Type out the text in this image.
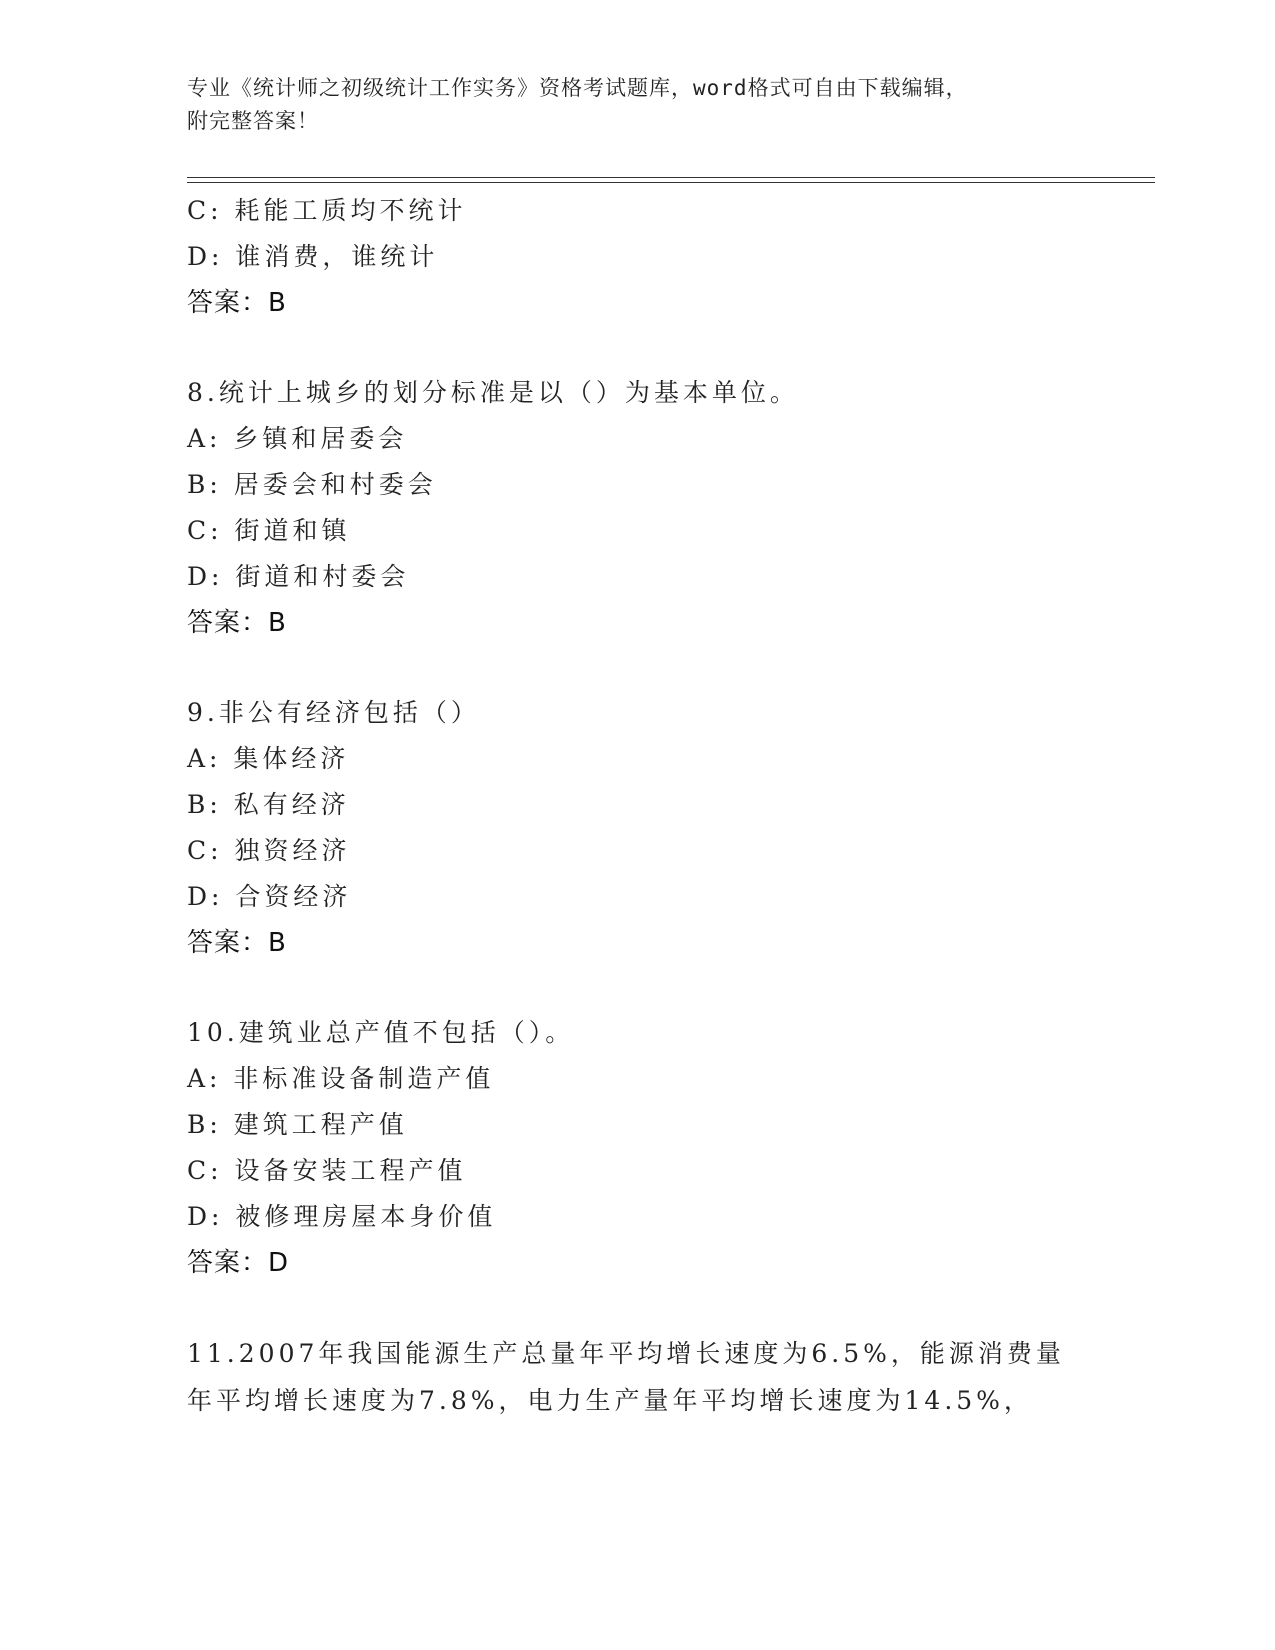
专业《统计师之初级统计工作实务》资格考试题库，word格式可自由下载编辑，
附完整答案！
C: 耗能工质均不统计
D: 谁消费，谁统计
答案：B
8.统计上城乡的划分标准是以（）为基本单位。
A: 乡镇和居委会
B: 居委会和村委会
C: 街道和镇
D: 街道和村委会
答案：B
9.非公有经济包括（）
A: 集体经济
B: 私有经济
C: 独资经济
D: 合资经济
答案：B
10.建筑业总产值不包括（）。
A: 非标准设备制造产值
B: 建筑工程产值
C: 设备安装工程产值
D: 被修理房屋本身价值
答案：D
11.2007年我国能源生产总量年平均增长速度为6.5%，能源消费量
年平均增长速度为7.8%，电力生产量年平均增长速度为14.5%，
